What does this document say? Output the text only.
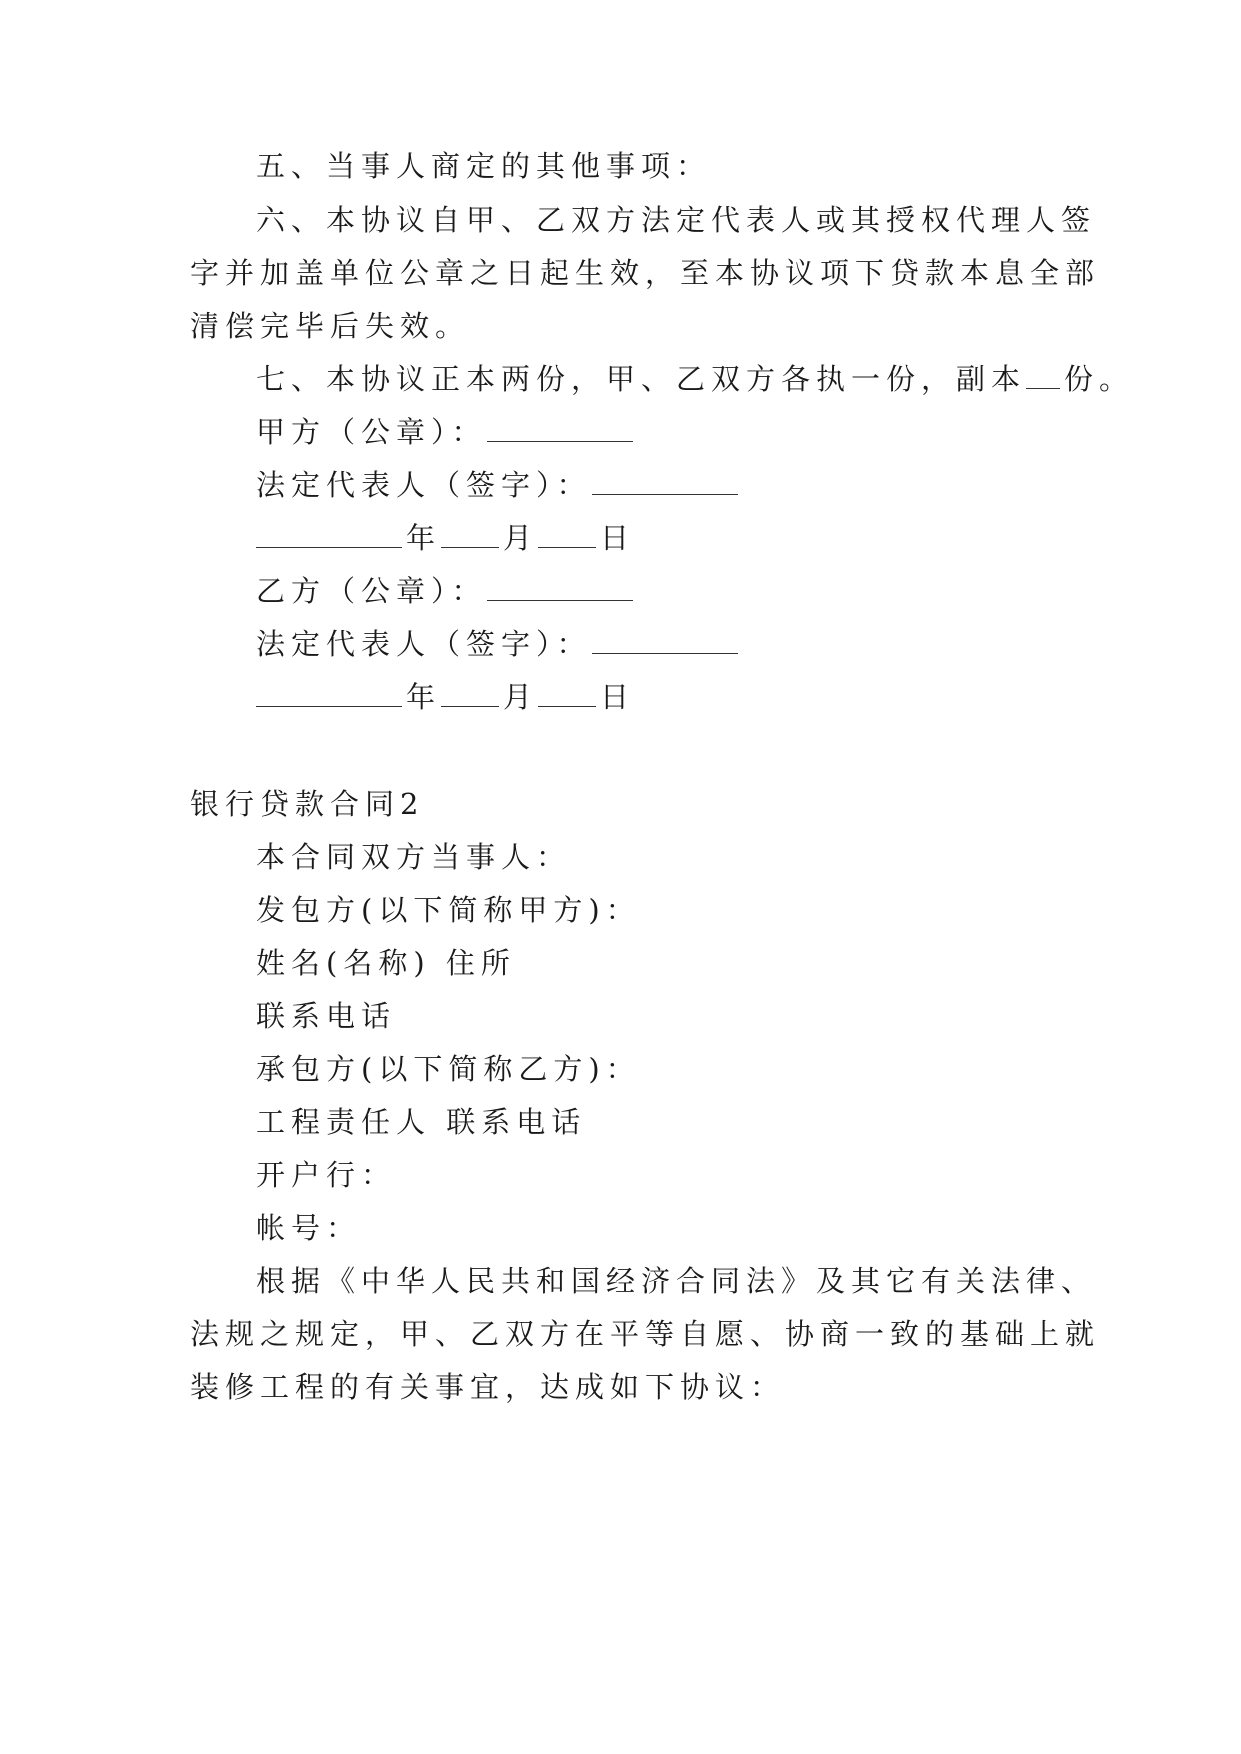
五、当事人商定的其他事项：
六、本协议自甲、乙双方法定代表人或其授权代理人签
字并加盖单位公章之日起生效，至本协议项下贷款本息全部
清偿完毕后失效。
七、本协议正本两份，甲、乙双方各执一份，副本 份。
甲方（公章）：
法定代表人（签字）：
年 月 日
乙方（公章）：
法定代表人（签字）：
年 月 日
银行贷款合同2
本合同双方当事人：
发包方(以下简称甲方)：
姓名(名称) 住所
联系电话
承包方(以下简称乙方)：
工程责任人 联系电话
开户行：
帐号：
根据《中华人民共和国经济合同法》及其它有关法律、
法规之规定，甲、乙双方在平等自愿、协商一致的基础上就
装修工程的有关事宜，达成如下协议：
